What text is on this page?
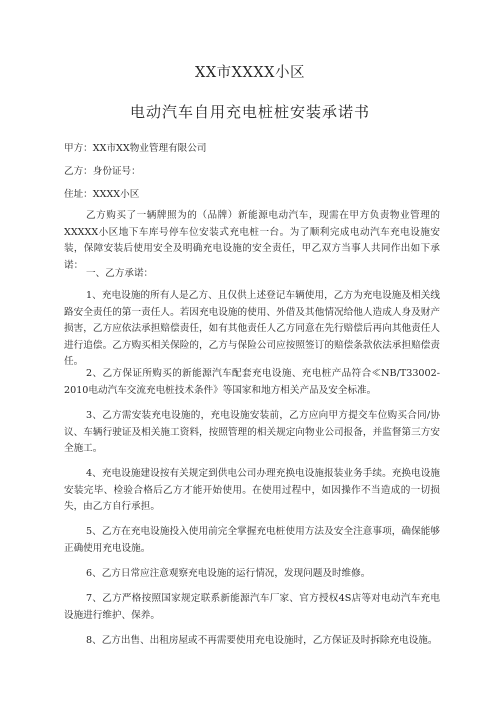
XX市XXXX小区
电动汽车自用充电桩桩安装承诺书
甲方：XX市XX物业管理有限公司
乙方：身份证号：
住址：XXXX小区

乙方购买了一辆牌照为的（品牌）新能源电动汽车，现需在甲方负责物业管理的XXXXX小区地下车库号停车位安装式充电桩一台。为了顺利完成电动汽车充电设施安装，保障安装后使用安全及明确充电设施的安全责任，甲乙双方当事人共同作出如下承诺：

一、乙方承诺：

1、充电设施的所有人是乙方、且仅供上述登记车辆使用，乙方为充电设施及相关线路安全责任的第一责任人。若因充电设施的使用、外借及其他情况给他人造成人身及财产损害，乙方应依法承担赔偿责任，如有其他责任人乙方同意在先行赔偿后再向其他责任人进行追偿。乙方购买相关保险的，乙方与保险公司应按照签订的赔偿条款依法承担赔偿责任。

2、乙方保证所购买的新能源汽车配套充电设施、充电桩产品符合≪NB/T33002-2010电动汽车交流充电桩技术条件》等国家和地方相关产品及安全标准。

3、乙方需安装充电设施的，充电设施安装前，乙方应向甲方提交车位购买合同/协议、车辆行驶证及相关施工资料，按照管理的相关规定向物业公司报备，并监督第三方安全施工。

4、充电设施建设按有关规定到供电公司办理充换电设施报装业务手续。充换电设施安装完毕、检验合格后乙方才能开始使用。在使用过程中，如因操作不当造成的一切损失，由乙方自行承担。

5、乙方在充电设施投入使用前完全掌握充电桩使用方法及安全注意事项，确保能够正确使用充电设施。

6、乙方日常应注意观察充电设施的运行情况，发现问题及时维修。

7、乙方严格按照国家规定联系新能源汽车厂家、官方授权4S店等对电动汽车充电设施进行维护、保养。

8、乙方出售、出租房屋或不再需要使用充电设施时，乙方保证及时拆除充电设施。
